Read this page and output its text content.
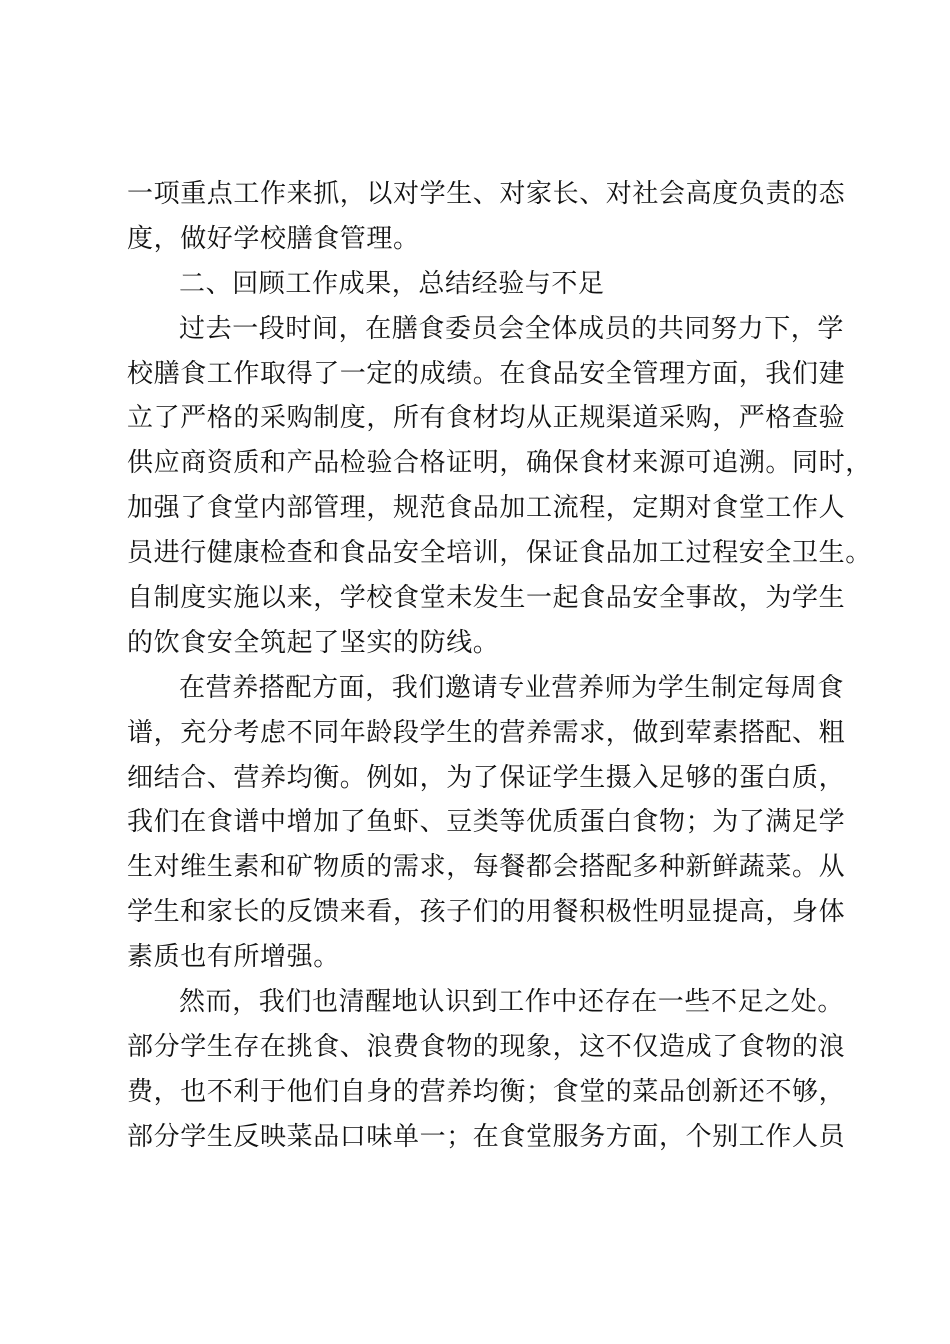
一项重点工作来抓，以对学生、对家长、对社会高度负责的态
度，做好学校膳食管理。
二、回顾工作成果，总结经验与不足
过去一段时间，在膳食委员会全体成员的共同努力下，学
校膳食工作取得了一定的成绩。在食品安全管理方面，我们建
立了严格的采购制度，所有食材均从正规渠道采购，严格查验
供应商资质和产品检验合格证明，确保食材来源可追溯。同时，
加强了食堂内部管理，规范食品加工流程，定期对食堂工作人
员进行健康检查和食品安全培训，保证食品加工过程安全卫生。
自制度实施以来，学校食堂未发生一起食品安全事故，为学生
的饮食安全筑起了坚实的防线。
在营养搭配方面，我们邀请专业营养师为学生制定每周食
谱，充分考虑不同年龄段学生的营养需求，做到荤素搭配、粗
细结合、营养均衡。例如，为了保证学生摄入足够的蛋白质，
我们在食谱中增加了鱼虾、豆类等优质蛋白食物；为了满足学
生对维生素和矿物质的需求，每餐都会搭配多种新鲜蔬菜。从
学生和家长的反馈来看，孩子们的用餐积极性明显提高，身体
素质也有所增强。
然而，我们也清醒地认识到工作中还存在一些不足之处。
部分学生存在挑食、浪费食物的现象，这不仅造成了食物的浪
费，也不利于他们自身的营养均衡；食堂的菜品创新还不够，
部分学生反映菜品口味单一；在食堂服务方面，个别工作人员
